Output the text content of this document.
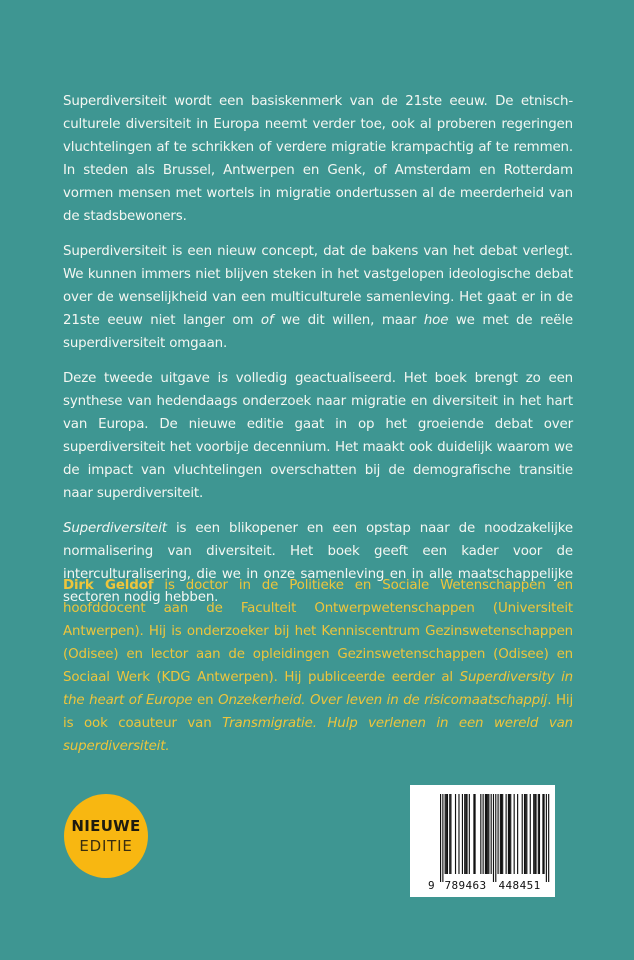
Superdiversiteit wordt een basiskenmerk van de 21ste eeuw. De etnisch-culturele diversiteit in Europa neemt verder toe, ook al proberen regeringen vluchtelingen af te schrikken of verdere migratie krampachtig af te remmen. In steden als Brussel, Antwerpen en Genk, of Amsterdam en Rotterdam vormen mensen met wortels in migratie ondertussen al de meerderheid van de stadsbewoners.

Superdiversiteit is een nieuw concept, dat de bakens van het debat verlegt. We kunnen immers niet blijven steken in het vastgelopen ideologische debat over de wenselijkheid van een multiculturele samenleving. Het gaat er in de 21ste eeuw niet langer om of we dit willen, maar hoe we met de reële superdiversiteit omgaan.

Deze tweede uitgave is volledig geactualiseerd. Het boek brengt zo een synthese van hedendaags onderzoek naar migratie en diversiteit in het hart van Europa. De nieuwe editie gaat in op het groeiende debat over superdiversiteit het voorbije decennium. Het maakt ook duidelijk waarom we de impact van vluchtelingen overschatten bij de demografische transitie naar superdiversiteit.

Superdiversiteit is een blikopener en een opstap naar de noodzakelijke normalisering van diversiteit. Het boek geeft een kader voor de interculturalisering, die we in onze samenleving en in alle maatschappelijke sectoren nodig hebben.

Dirk Geldof is doctor in de Politieke en Sociale Wetenschappen en hoofddocent aan de Faculteit Ontwerpwetenschappen (Universiteit Antwerpen). Hij is onderzoeker bij het Kenniscentrum Gezinswetenschappen (Odisee) en lector aan de opleidingen Gezinswetenschappen (Odisee) en Sociaal Werk (KDG Antwerpen). Hij publiceerde eerder al Superdiversity in the heart of Europe en Onzekerheid. Over leven in de risicomaatschappij. Hij is ook coauteur van Transmigratie. Hulp verlenen in een wereld van superdiversiteit.

NIEUWE
EDITIE
9 789463 448451
